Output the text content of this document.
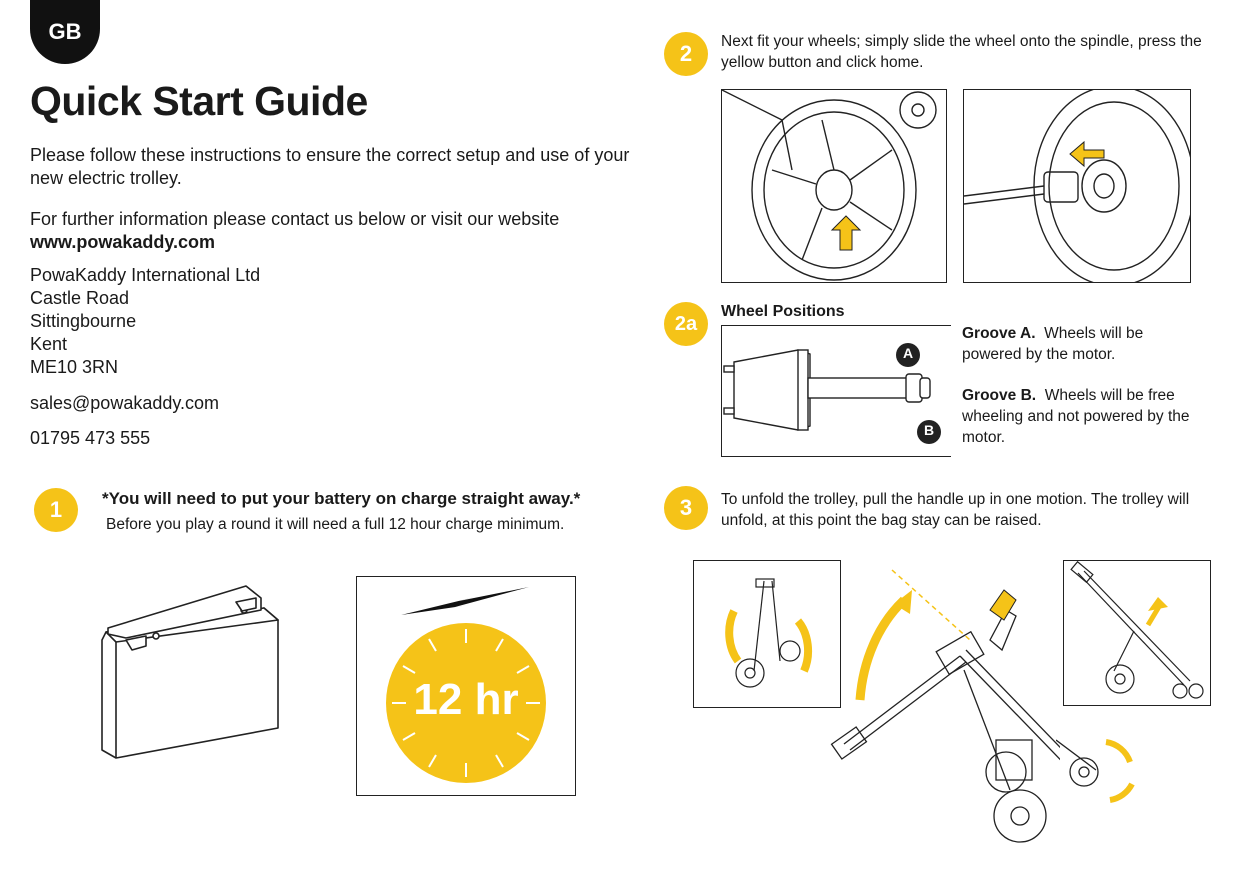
GB
Quick Start Guide
Please follow these instructions to ensure the correct setup and use of your new electric trolley.
For further information please contact us below or visit our website
www.powakaddy.com
PowaKaddy International Ltd
Castle Road
Sittingbourne
Kent
ME10 3RN
sales@powakaddy.com
01795 473 555
1 *You will need to put your battery on charge straight away.*
Before you play a round it will need a full 12 hour charge minimum.
12 hr
2 Next fit your wheels; simply slide the wheel onto the spindle, press the yellow button and click home.
2a
Wheel Positions
A
B
Groove A. Wheels will be powered by the motor.
Groove B. Wheels will be free wheeling and not powered by the motor.
3 To unfold the trolley, pull the handle up in one motion. The trolley will unfold, at this point the bag stay can be raised.
